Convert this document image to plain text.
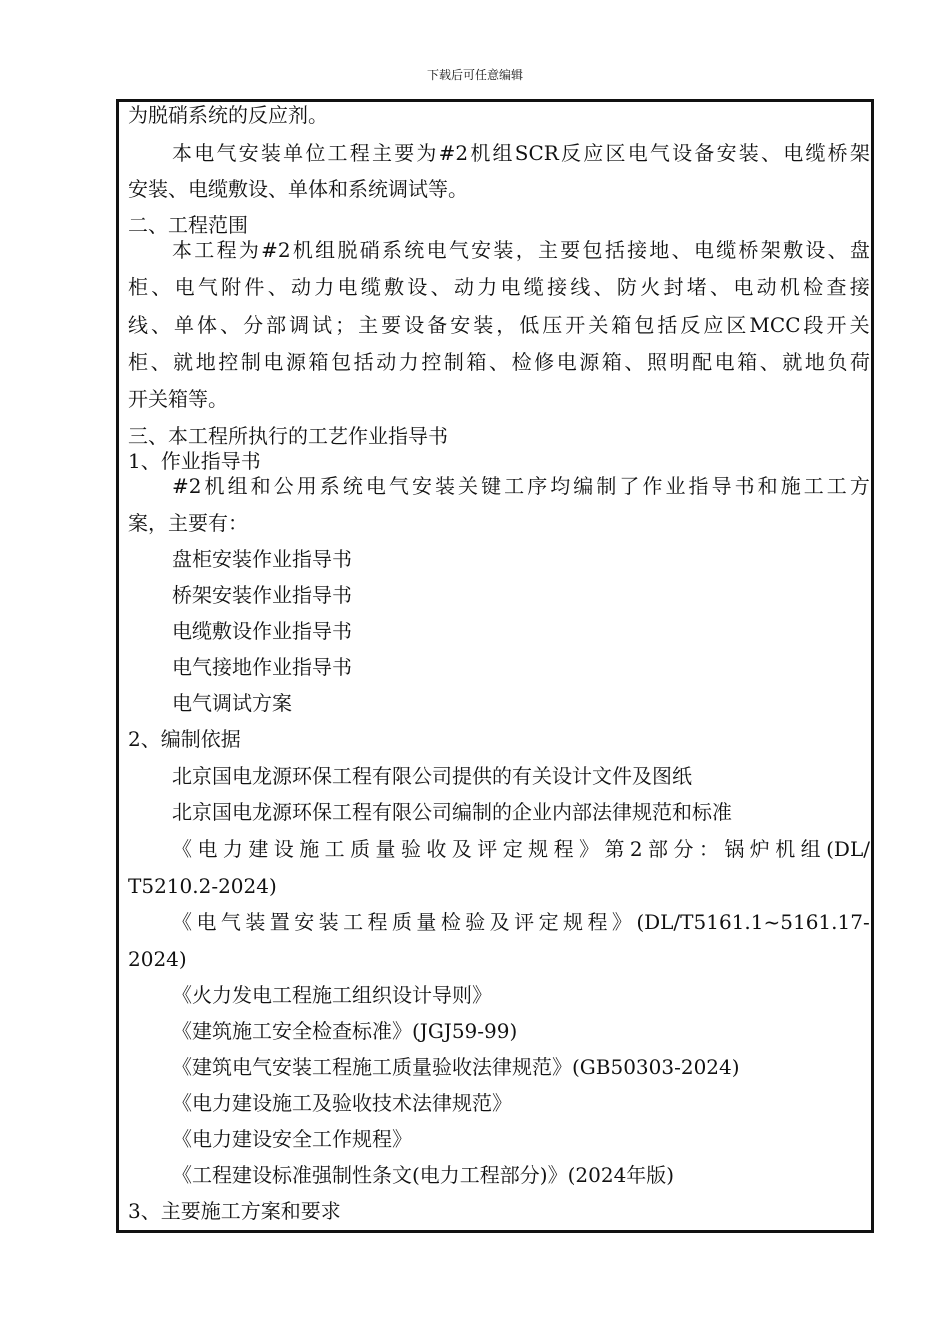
下载后可任意编辑
为脱硝系统的反应剂。
本 电 气 安 装 单 位 工 程 主 要 为 #2 机 组 SCR 反 应 区 电 气 设 备 安 装 、 电 缆 桥 架
安装、电缆敷设、单体和系统调试等。
二、工程范围
本 工 程 为 #2 机 组 脱 硝 系 统 电 气 安 装 ， 主 要 包 括 接 地 、 电 缆 桥 架 敷 设 、 盘
柜 、 电 气 附 件 、 动 力 电 缆 敷 设 、 动 力 电 缆 接 线 、 防 火 封 堵 、 电 动 机 检 查 接
线 、 单 体 、 分 部 调 试 ； 主 要 设 备 安 装 ， 低 压 开 关 箱 包 括 反 应 区 MCC 段 开 关
柜 、 就 地 控 制 电 源 箱 包 括 动 力 控 制 箱 、 检 修 电 源 箱 、 照 明 配 电 箱 、 就 地 负 荷
开关箱等。
三、本工程所执行的工艺作业指导书
1、作业指导书
#2 机 组 和 公 用 系 统 电 气 安 装 关 键 工 序 均 编 制 了 作 业 指 导 书 和 施 工 工 方
案，主要有：
盘柜安装作业指导书
桥架安装作业指导书
电缆敷设作业指导书
电气接地作业指导书
电气调试方案
2、编制依据
北京国电龙源环保工程有限公司提供的有关设计文件及图纸
北京国电龙源环保工程有限公司编制的企业内部法律规范和标准
《 电 力 建 设 施 工 质 量 验 收 及 评 定 规 程 》 第 2 部 分 ： 锅 炉 机 组 (DL/
T5210.2-2024)
《 电 气 装 置 安 装 工 程 质 量 检 验 及 评 定 规 程 》 (DL/T5161.1~5161.17-
2024)
《火力发电工程施工组织设计导则》
《建筑施工安全检查标准》(JGJ59-99)
《建筑电气安装工程施工质量验收法律规范》(GB50303-2024)
《电力建设施工及验收技术法律规范》
《电力建设安全工作规程》
《工程建设标准强制性条文(电力工程部分)》(2024年版)
3、主要施工方案和要求
